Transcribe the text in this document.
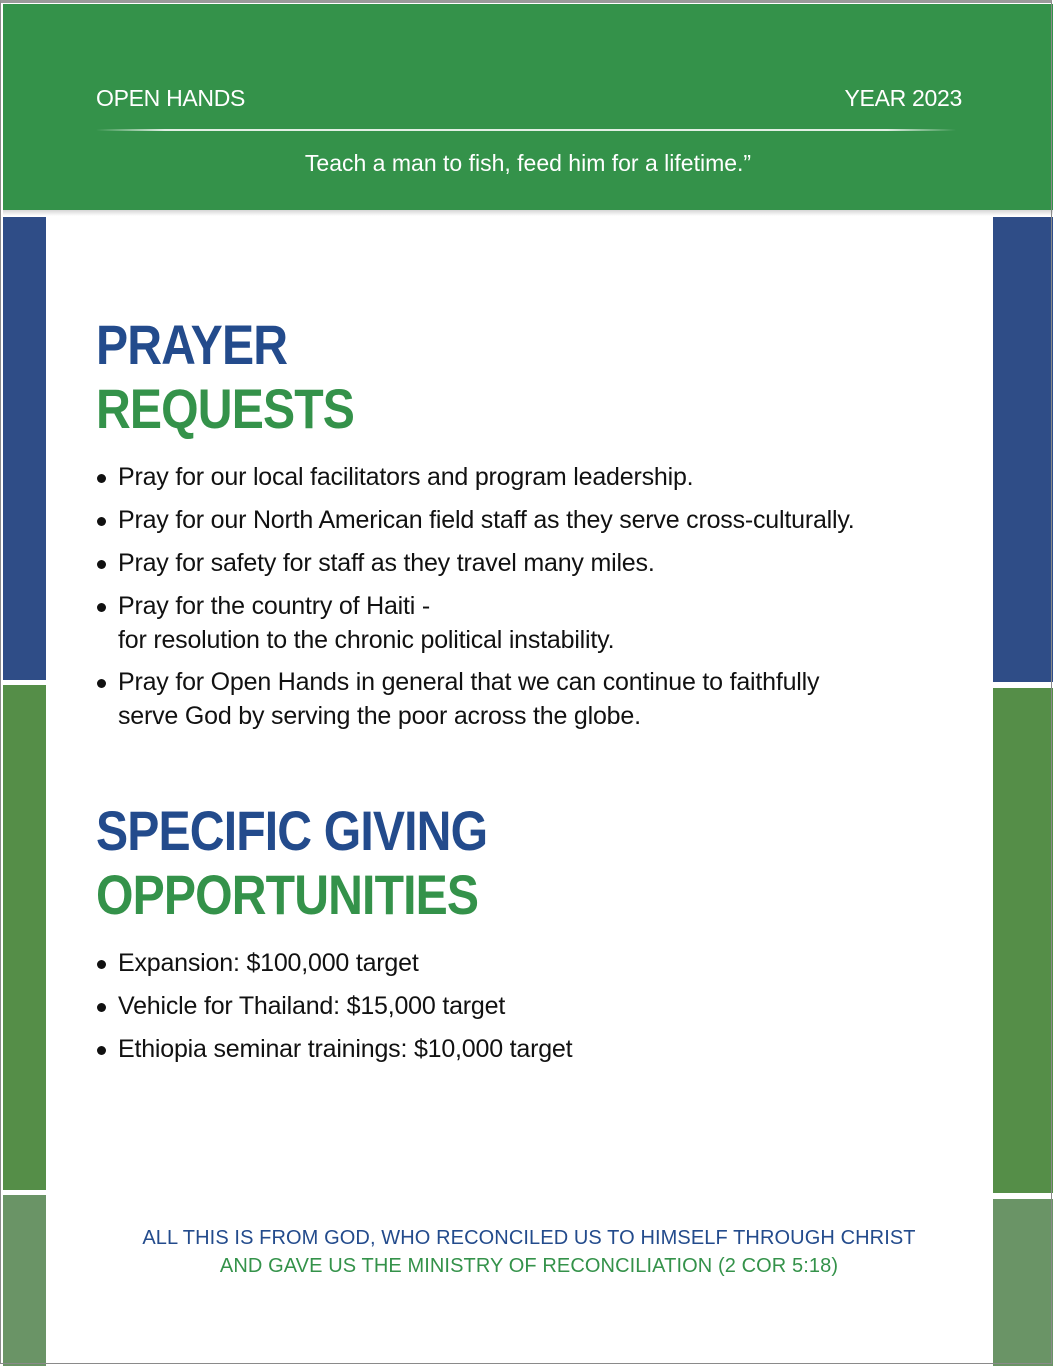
OPEN HANDS	YEAR 2023
Teach a man to fish, feed him for a lifetime.”
PRAYER
REQUESTS
Pray for our local facilitators and program leadership.
Pray for our North American field staff as they serve cross-culturally.
Pray for safety for staff as they travel many miles.
Pray for the country of Haiti -
for resolution to the chronic political instability.
Pray for Open Hands in general that we can continue to faithfully
serve God by serving the poor across the globe.
SPECIFIC GIVING
OPPORTUNITIES
Expansion: $100,000 target
Vehicle for Thailand: $15,000 target
Ethiopia seminar trainings: $10,000 target
ALL THIS IS FROM GOD, WHO RECONCILED US TO HIMSELF THROUGH CHRIST
AND GAVE US THE MINISTRY OF RECONCILIATION (2 COR 5:18)
